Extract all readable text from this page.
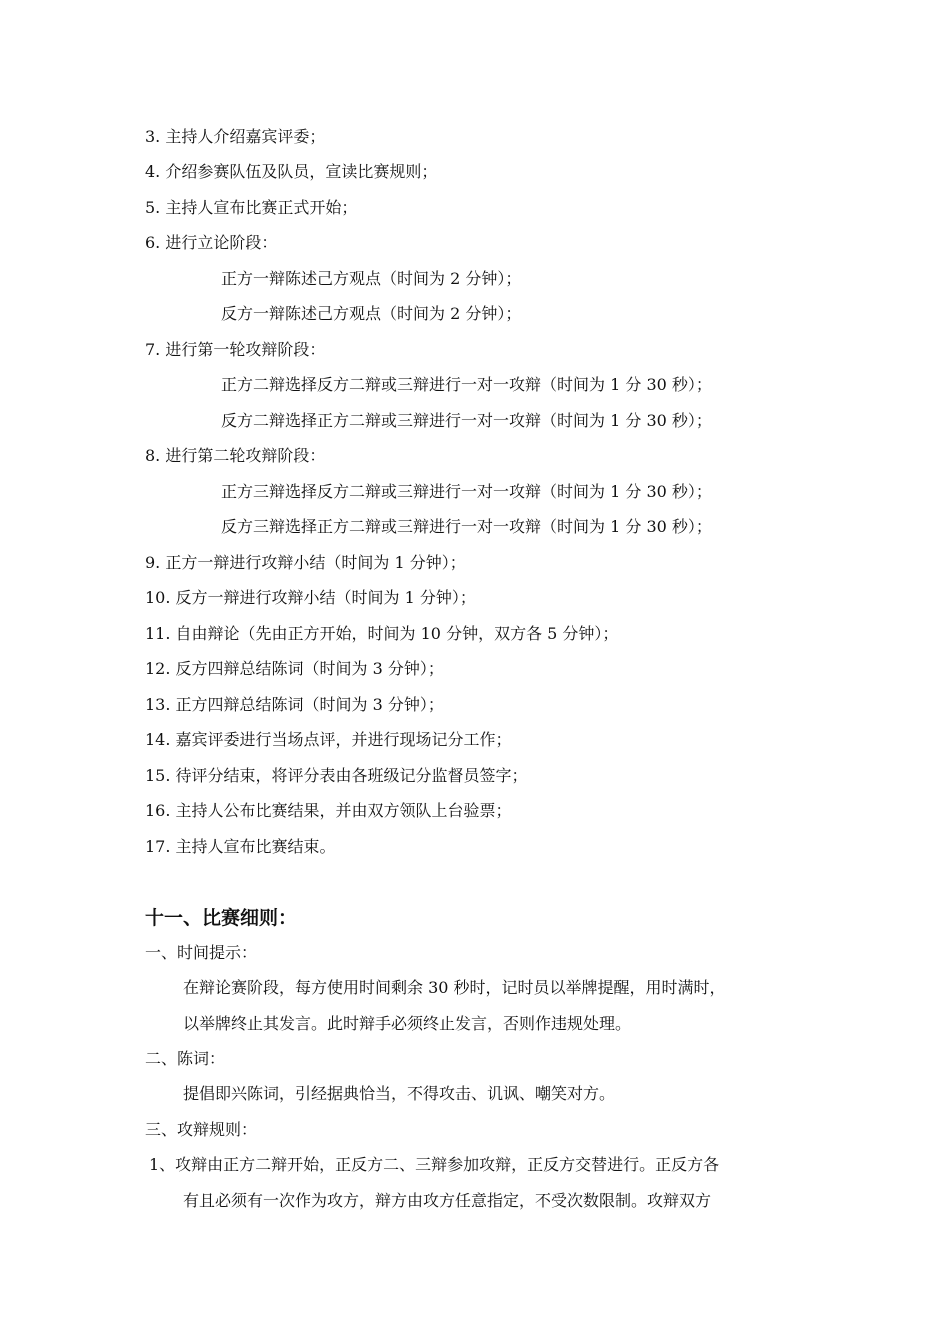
3. 主持人介绍嘉宾评委；
4. 介绍参赛队伍及队员，宣读比赛规则；
5. 主持人宣布比赛正式开始；
6. 进行立论阶段：
正方一辩陈述己方观点（时间为 2 分钟）；
反方一辩陈述己方观点（时间为 2 分钟）；
7. 进行第一轮攻辩阶段：
正方二辩选择反方二辩或三辩进行一对一攻辩（时间为 1 分 30 秒）；
反方二辩选择正方二辩或三辩进行一对一攻辩（时间为 1 分 30 秒）；
8. 进行第二轮攻辩阶段：
正方三辩选择反方二辩或三辩进行一对一攻辩（时间为 1 分 30 秒）；
反方三辩选择正方二辩或三辩进行一对一攻辩（时间为 1 分 30 秒）；
9. 正方一辩进行攻辩小结（时间为 1 分钟）；
10. 反方一辩进行攻辩小结（时间为 1 分钟）；
11. 自由辩论（先由正方开始，时间为 10 分钟，双方各 5 分钟）；
12. 反方四辩总结陈词（时间为 3 分钟）；
13. 正方四辩总结陈词（时间为 3 分钟）；
14. 嘉宾评委进行当场点评，并进行现场记分工作；
15. 待评分结束，将评分表由各班级记分监督员签字；
16. 主持人公布比赛结果，并由双方领队上台验票；
17. 主持人宣布比赛结束。
十一、比赛细则：
一、时间提示：
在辩论赛阶段，每方使用时间剩余 30 秒时，记时员以举牌提醒，用时满时，
以举牌终止其发言。此时辩手必须终止发言，否则作违规处理。
二、陈词：
提倡即兴陈词，引经据典恰当，不得攻击、讥讽、嘲笑对方。
三、攻辩规则：
1、攻辩由正方二辩开始，正反方二、三辩参加攻辩，正反方交替进行。正反方各
有且必须有一次作为攻方，辩方由攻方任意指定，不受次数限制。攻辩双方
